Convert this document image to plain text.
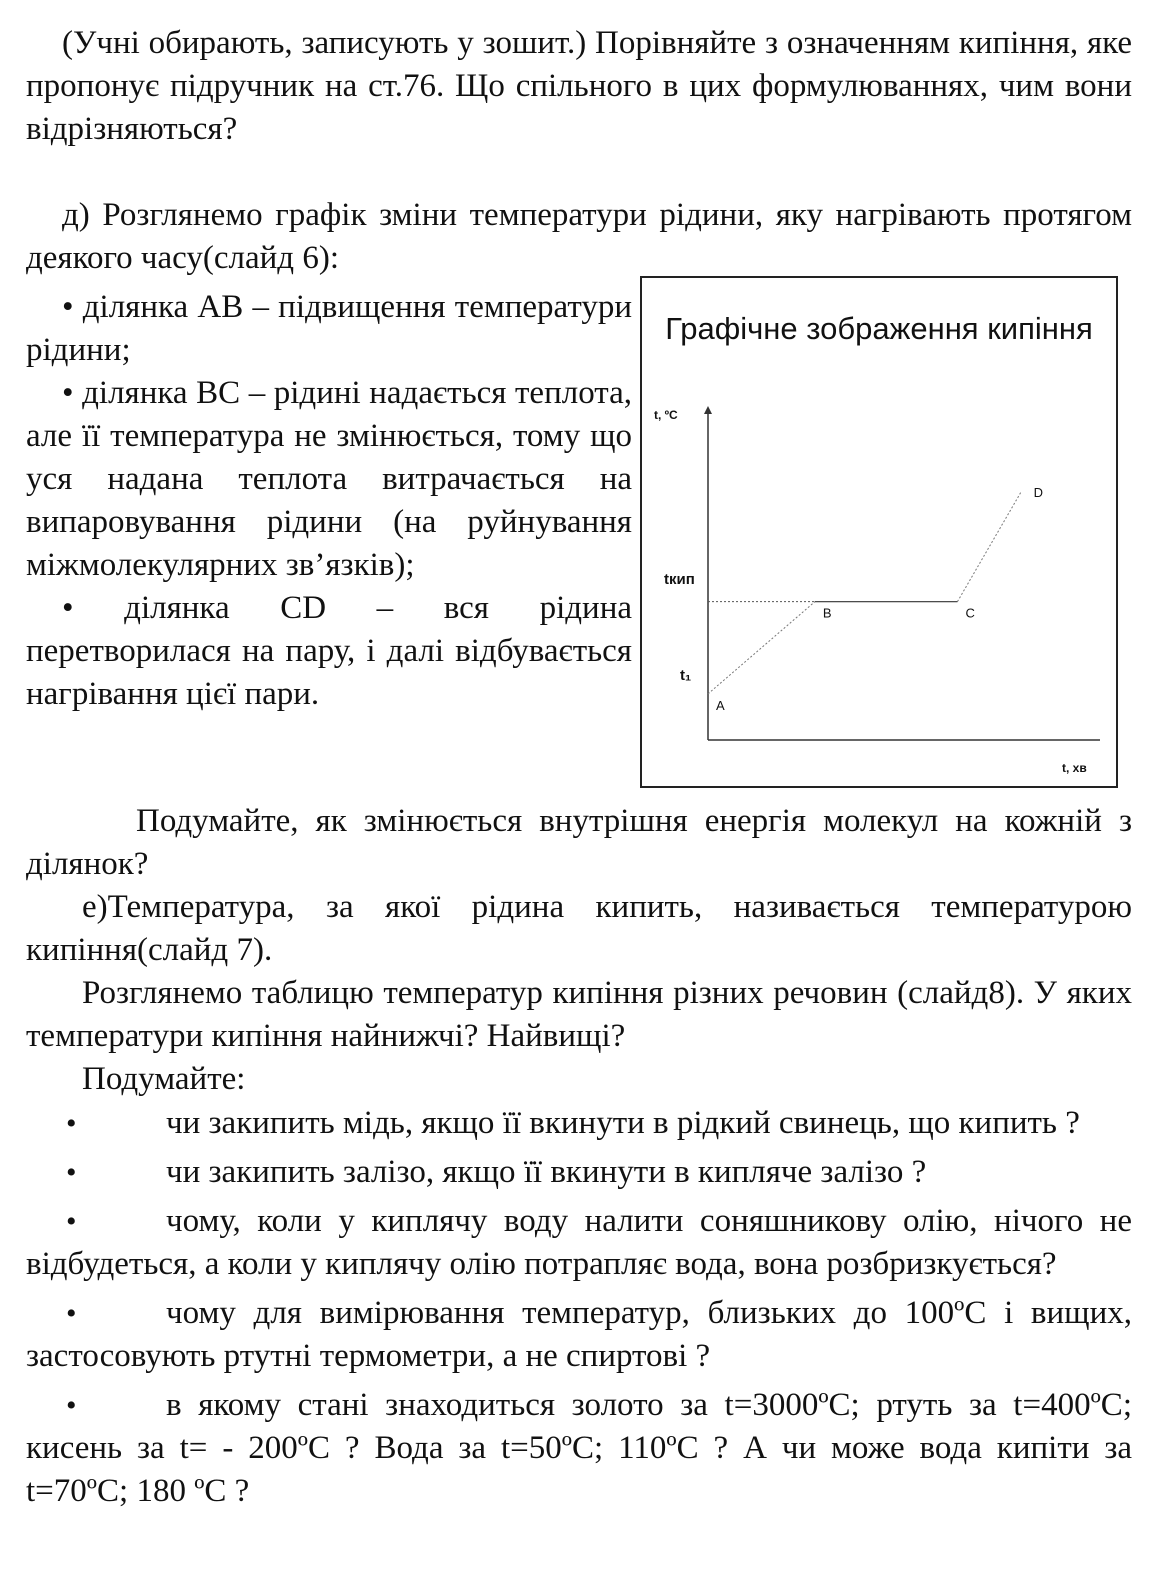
(Учні обирають, записують у зошит.) Порівняйте з означенням кипіння, яке пропонує підручник на ст.76. Що спільного в цих формулюваннях, чим вони відрізняються?

д) Розглянемо графік зміни температури рідини, яку нагрівають протягом деякого часу(слайд 6):

• ділянка AB – підвищення температури рідини;

• ділянка BC – рідині надається теплота, але її температура не змінюється, тому що уся надана теплота витрачається на випаровування рідини (на руйнування міжмолекулярних зв’язків);

• ділянка CD – вся рідина перетворилася на пару, і далі відбувається нагрівання цієї пари.

Графічне зображення кипіння
t, ºC
t, хв
tкип
t₁
A
B	C
D

Подумайте, як змінюється внутрішня енергія молекул на кожній з ділянок?

е)Температура, за якої рідина кипить, називається температурою кипіння(слайд 7).

Розглянемо таблицю температур кипіння різних речовин (слайд8). У яких температури кипіння найнижчі? Найвищі?

Подумайте:

•чи закипить мідь, якщо її вкинути в рідкий свинець, що кипить ?

•чи закипить залізо, якщо її вкинути в кипляче залізо ?

•чому, коли у киплячу воду налити соняшникову олію, нічого не відбудеться, а коли у киплячу олію потрапляє вода, вона розбризкується?

•чому для вимірювання температур, близьких до 100ºC і вищих, застосовують ртутні термометри, а не спиртові ?

•в якому стані знаходиться золото за t=3000ºC; ртуть за t=400ºC; кисень за t= - 200ºC ? Вода за t=50ºC; 110ºC ? А чи може вода кипіти за t=70ºC; 180 ºC ?
